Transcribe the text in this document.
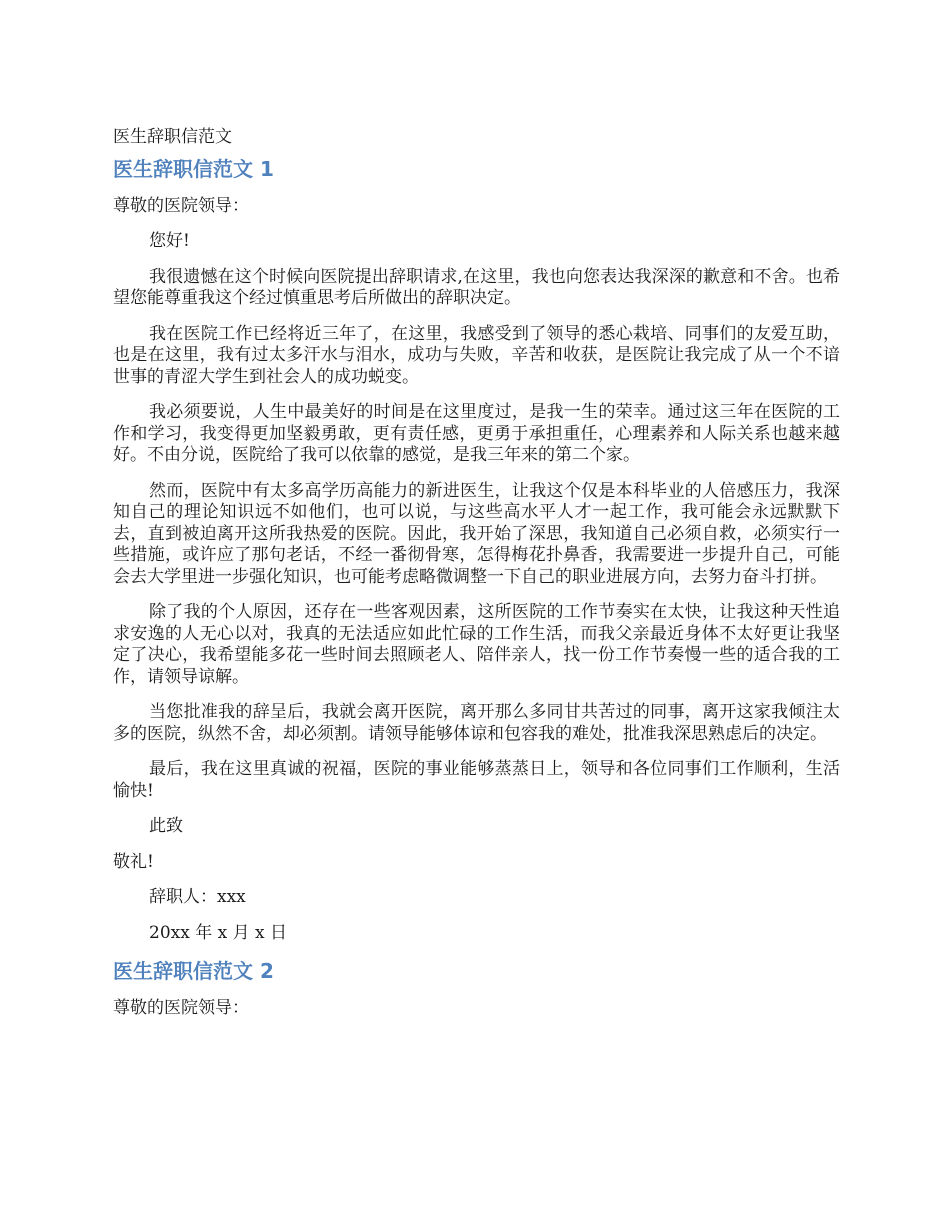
医生辞职信范文
医生辞职信范文 1
尊敬的医院领导：
您好!

我很遗憾在这个时候向医院提出辞职请求,在这里，我也向您表达我深深的歉意和不舍。也希望您能尊重我这个经过慎重思考后所做出的辞职决定。

我在医院工作已经将近三年了，在这里，我感受到了领导的悉心栽培、同事们的友爱互助，也是在这里，我有过太多汗水与泪水，成功与失败，辛苦和收获，是医院让我完成了从一个不谙世事的青涩大学生到社会人的成功蜕变。

我必须要说，人生中最美好的时间是在这里度过，是我一生的荣幸。通过这三年在医院的工作和学习，我变得更加坚毅勇敢，更有责任感，更勇于承担重任，心理素养和人际关系也越来越好。不由分说，医院给了我可以依靠的感觉，是我三年来的第二个家。

然而，医院中有太多高学历高能力的新进医生，让我这个仅是本科毕业的人倍感压力，我深知自己的理论知识远不如他们，也可以说，与这些高水平人才一起工作，我可能会永远默默下去，直到被迫离开这所我热爱的医院。因此，我开始了深思，我知道自己必须自救，必须实行一些措施，或许应了那句老话，不经一番彻骨寒，怎得梅花扑鼻香，我需要进一步提升自己，可能会去大学里进一步强化知识，也可能考虑略微调整一下自己的职业进展方向，去努力奋斗打拼。

除了我的个人原因，还存在一些客观因素，这所医院的工作节奏实在太快，让我这种天性追求安逸的人无心以对，我真的无法适应如此忙碌的工作生活，而我父亲最近身体不太好更让我坚定了决心，我希望能多花一些时间去照顾老人、陪伴亲人，找一份工作节奏慢一些的适合我的工作，请领导谅解。

当您批准我的辞呈后，我就会离开医院，离开那么多同甘共苦过的同事，离开这家我倾注太多的医院，纵然不舍，却必须割。请领导能够体谅和包容我的难处，批准我深思熟虑后的决定。

最后，我在这里真诚的祝福，医院的事业能够蒸蒸日上，领导和各位同事们工作顺利，生活愉快!

此致
敬礼!
辞职人：xxx
20xx 年 x 月 x 日
医生辞职信范文 2
尊敬的医院领导：
